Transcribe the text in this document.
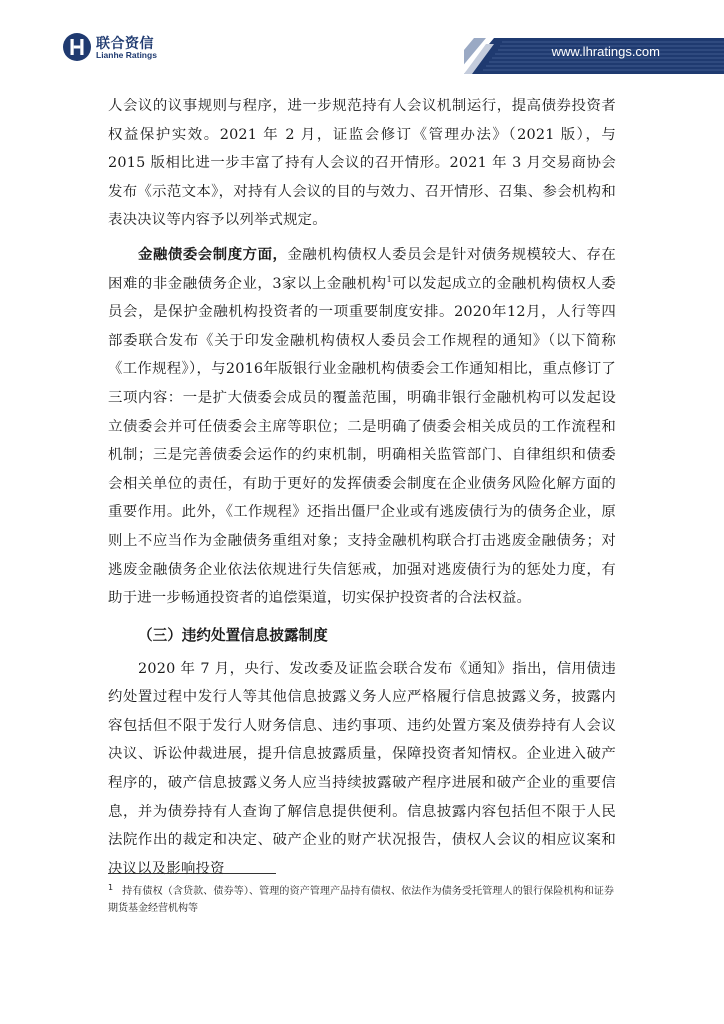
联合资信
Lianhe Ratings	www.lhratings.com

人会议的议事规则与程序，进一步规范持有人会议机制运行，提高债券投资者权益保护实效。2021 年 2 月，证监会修订《管理办法》（2021 版），与 2015 版相比进一步丰富了持有人会议的召开情形。2021 年 3 月交易商协会发布《示范文本》，对持有人会议的目的与效力、召开情形、召集、参会机构和表决决议等内容予以列举式规定。

金融债委会制度方面，金融机构债权人委员会是针对债务规模较大、存在困难的非金融债务企业，3家以上金融机构$^1$可以发起成立的金融机构债权人委员会，是保护金融机构投资者的一项重要制度安排。2020年12月，人行等四部委联合发布《关于印发金融机构债权人委员会工作规程的通知》（以下简称《工作规程》），与2016年版银行业金融机构债委会工作通知相比，重点修订了三项内容：一是扩大债委会成员的覆盖范围，明确非银行金融机构可以发起设立债委会并可任债委会主席等职位；二是明确了债委会相关成员的工作流程和机制；三是完善债委会运作的约束机制，明确相关监管部门、自律组织和债委会相关单位的责任，有助于更好的发挥债委会制度在企业债务风险化解方面的重要作用。此外，《工作规程》还指出僵尸企业或有逃废债行为的债务企业，原则上不应当作为金融债务重组对象；支持金融机构联合打击逃废金融债务；对逃废金融债务企业依法依规进行失信惩戒，加强对逃废债行为的惩处力度，有助于进一步畅通投资者的追偿渠道，切实保护投资者的合法权益。

（三）违约处置信息披露制度

2020 年 7 月，央行、发改委及证监会联合发布《通知》指出，信用债违约处置过程中发行人等其他信息披露义务人应严格履行信息披露义务，披露内容包括但不限于发行人财务信息、违约事项、违约处置方案及债券持有人会议决议、诉讼仲裁进展，提升信息披露质量，保障投资者知情权。企业进入破产程序的，破产信息披露义务人应当持续披露破产程序进展和破产企业的重要信息，并为债券持有人查询了解信息提供便利。信息披露内容包括但不限于人民法院作出的裁定和决定、破产企业的财产状况报告，债权人会议的相应议案和决议以及影响投资

1 持有债权（含贷款、债券等）、管理的资产管理产品持有债权、依法作为债务受托管理人的银行保险机构和证券期货基金经营机构等
